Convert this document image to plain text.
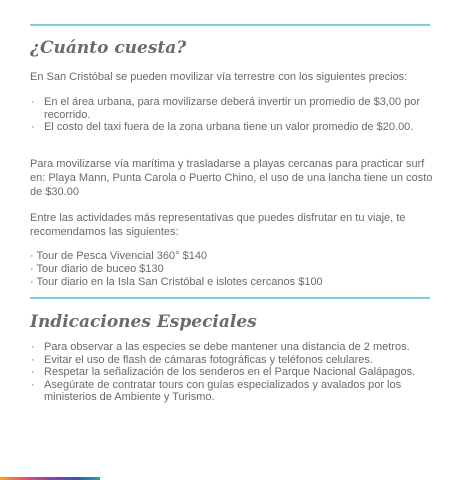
¿Cuánto cuesta?

En San Cristóbal se pueden movilizar vía terrestre con los siguientes precios:

· En el área urbana, para movilizarse deberá invertir un promedio de $3,00 por recorrido.
· El costo del taxi fuera de la zona urbana tiene un valor promedio de $20.00.

Para movilizarse vía marítima y trasladarse a playas cercanas para practicar surf en: Playa Mann, Punta Carola o Puerto Chino, el uso de una lancha tiene un costo de $30.00

Entre las actividades más representativas que puedes disfrutar en tu viaje, te recomendamos las siguientes:

· Tour de Pesca Vivencial 360° $140
· Tour diario de buceo $130
· Tour diario en la Isla San Cristóbal e islotes cercanos $100
Indicaciones Especiales
· Para observar a las especies se debe mantener una distancia de 2 metros.
· Evitar el uso de flash de cámaras fotográficas y teléfonos celulares.
· Respetar la señalización de los senderos en el Parque Nacional Galápagos.
· Asegúrate de contratar tours con guías especializados y avalados por los ministerios de Ambiente y Turismo.
